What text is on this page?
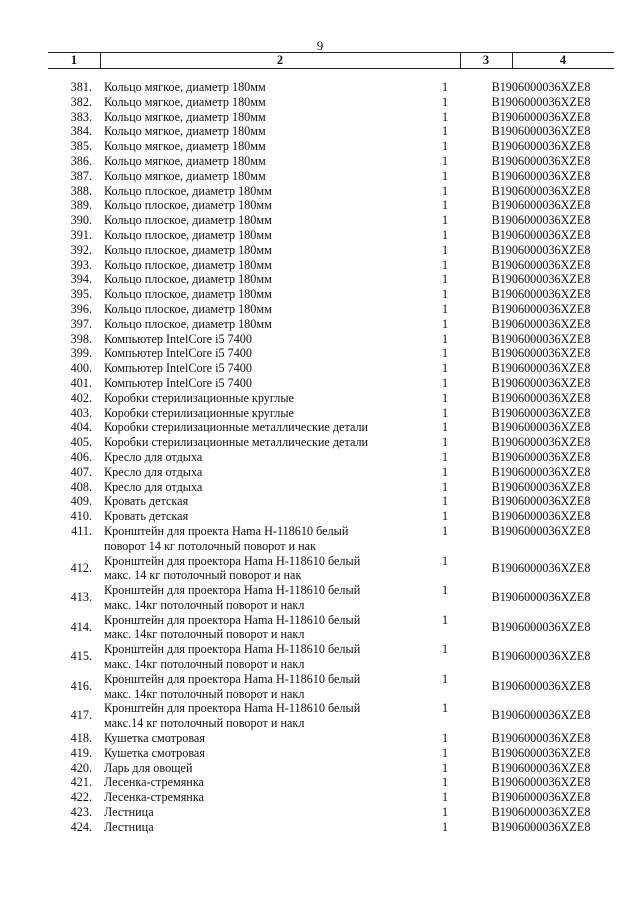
9
1	2	3	4
381. Кольцо мягкое, диаметр 180мм	1	B1906000036XZE8
382. Кольцо мягкое, диаметр 180мм	1	B1906000036XZE8
383. Кольцо мягкое, диаметр 180мм	1	B1906000036XZE8
384. Кольцо мягкое, диаметр 180мм	1	B1906000036XZE8
385. Кольцо мягкое, диаметр 180мм	1	B1906000036XZE8
386. Кольцо мягкое, диаметр 180мм	1	B1906000036XZE8
387. Кольцо мягкое, диаметр 180мм	1	B1906000036XZE8
388. Кольцо плоское, диаметр 180мм	1	B1906000036XZE8
389. Кольцо плоское, диаметр 180мм	1	B1906000036XZE8
390. Кольцо плоское, диаметр 180мм	1	B1906000036XZE8
391. Кольцо плоское, диаметр 180мм	1	B1906000036XZE8
392. Кольцо плоское, диаметр 180мм	1	B1906000036XZE8
393. Кольцо плоское, диаметр 180мм	1	B1906000036XZE8
394. Кольцо плоское, диаметр 180мм	1	B1906000036XZE8
395. Кольцо плоское, диаметр 180мм	1	B1906000036XZE8
396. Кольцо плоское, диаметр 180мм	1	B1906000036XZE8
397. Кольцо плоское, диаметр 180мм	1	B1906000036XZE8
398. Компьютер IntelCore i5 7400	1	B1906000036XZE8
399. Компьютер IntelCore i5 7400	1	B1906000036XZE8
400. Компьютер IntelCore i5 7400	1	B1906000036XZE8
401. Компьютер IntelCore i5 7400	1	B1906000036XZE8
402. Коробки стерилизационные круглые	1	B1906000036XZE8
403. Коробки стерилизационные круглые	1	B1906000036XZE8
404. Коробки стерилизационные металлические детали	1	B1906000036XZE8
405. Коробки стерилизационные металлические детали	1	B1906000036XZE8
406. Кресло для отдыха	1	B1906000036XZE8
407. Кресло для отдыха	1	B1906000036XZE8
408. Кресло для отдыха	1	B1906000036XZE8
409. Кровать детская	1	B1906000036XZE8
410. Кровать детская	1	B1906000036XZE8
411. Кронштейн для проекта Hama H-118610 белый
поворот 14 кг потолочный поворот и нак
1	B1906000036XZE8
412. Кронштейн для проектора Hama H-118610 белый
макс. 14 кг потолочный поворот и нак
1	B1906000036XZE8
413. Кронштейн для проектора Hama H-118610 белый
макс. 14кг потолочный поворот и накл
1	B1906000036XZE8
414. Кронштейн для проектора Hama H-118610 белый
макс. 14кг потолочный поворот и накл
1	B1906000036XZE8
415. Кронштейн для проектора Hama H-118610 белый
макс. 14кг потолочный поворот и накл
1	B1906000036XZE8
416. Кронштейн для проектора Hama H-118610 белый
макс. 14кг потолочный поворот и накл
1	B1906000036XZE8
417. Кронштейн для проектора Hama H-118610 белый
макс.14 кг потолочный поворот и накл
1	B1906000036XZE8
418. Кушетка смотровая	1	B1906000036XZE8
419. Кушетка смотровая	1	B1906000036XZE8
420. Ларь для овощей	1	B1906000036XZE8
421. Лесенка-стремянка	1	B1906000036XZE8
422. Лесенка-стремянка	1	B1906000036XZE8
423. Лестница	1	B1906000036XZE8
424. Лестница	1	B1906000036XZE8
